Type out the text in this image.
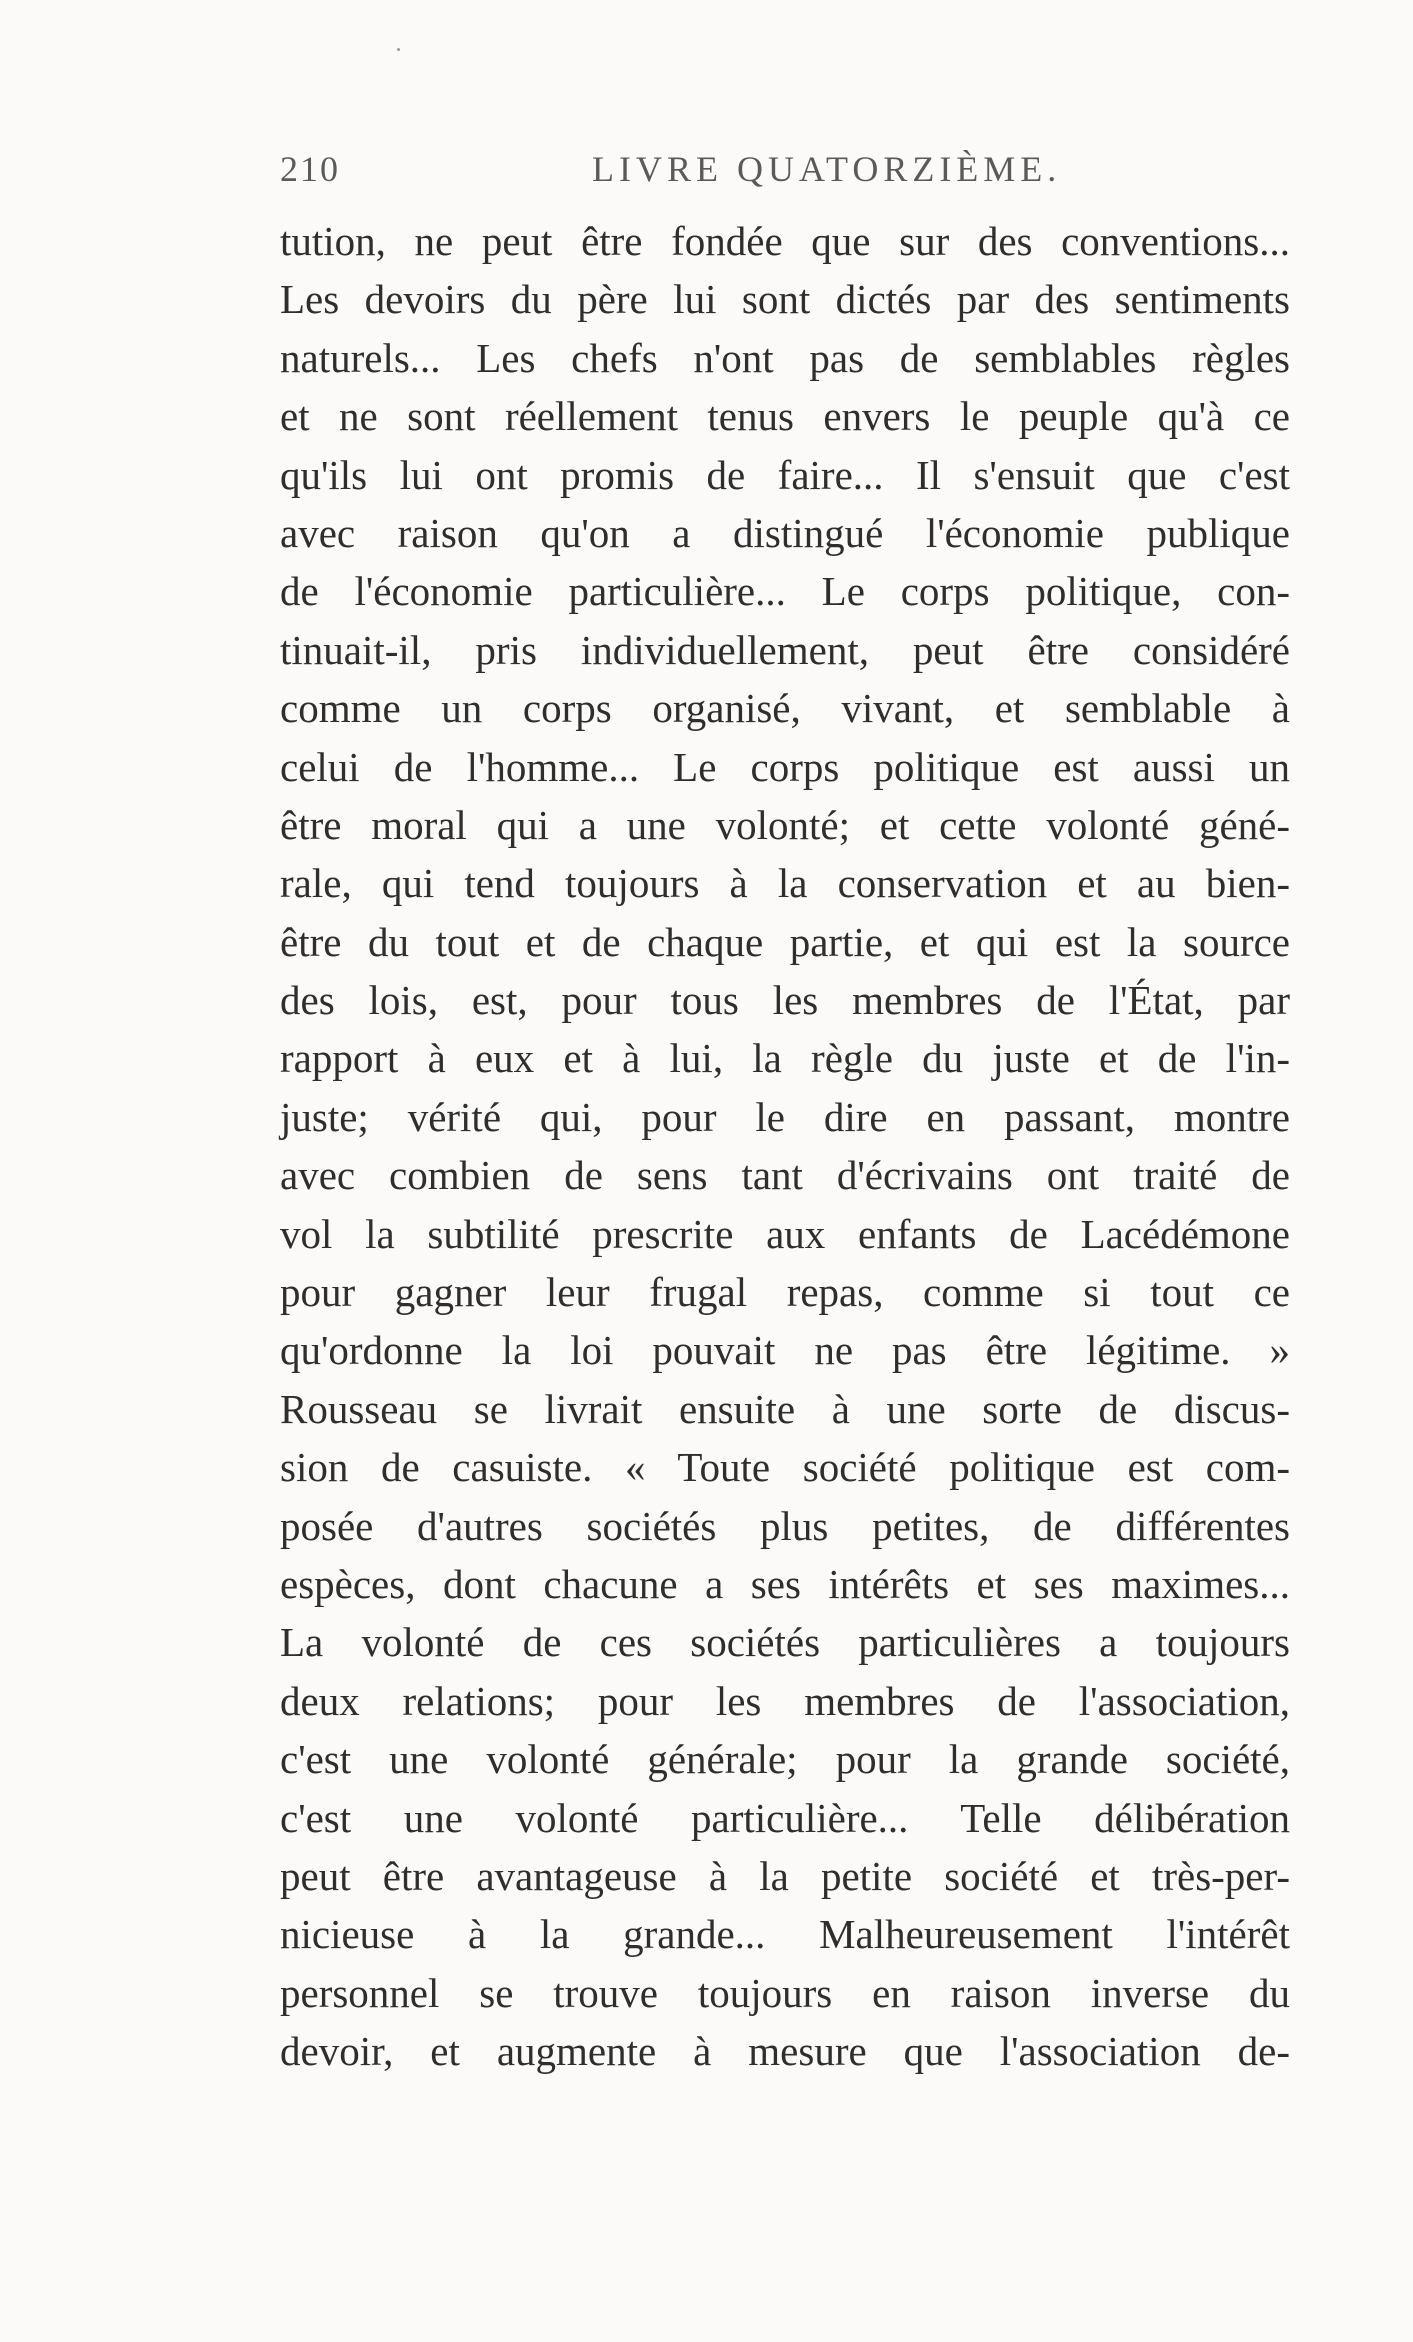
210	LIVRE QUATORZIÈME.
tution, ne peut être fondée que sur des conventions...
Les devoirs du père lui sont dictés par des sentiments
naturels... Les chefs n'ont pas de semblables règles
et ne sont réellement tenus envers le peuple qu'à ce
qu'ils lui ont promis de faire... Il s'ensuit que c'est
avec raison qu'on a distingué l'économie publique
de l'économie particulière... Le corps politique, con-
tinuait-il, pris individuellement, peut être considéré
comme un corps organisé, vivant, et semblable à
celui de l'homme... Le corps politique est aussi un
être moral qui a une volonté; et cette volonté géné-
rale, qui tend toujours à la conservation et au bien-
être du tout et de chaque partie, et qui est la source
des lois, est, pour tous les membres de l'État, par
rapport à eux et à lui, la règle du juste et de l'in-
juste; vérité qui, pour le dire en passant, montre
avec combien de sens tant d'écrivains ont traité de
vol la subtilité prescrite aux enfants de Lacédémone
pour gagner leur frugal repas, comme si tout ce
qu'ordonne la loi pouvait ne pas être légitime. »
Rousseau se livrait ensuite à une sorte de discus-
sion de casuiste. « Toute société politique est com-
posée d'autres sociétés plus petites, de différentes
espèces, dont chacune a ses intérêts et ses maximes...
La volonté de ces sociétés particulières a toujours
deux relations; pour les membres de l'association,
c'est une volonté générale; pour la grande société,
c'est une volonté particulière... Telle délibération
peut être avantageuse à la petite société et très-per-
nicieuse à la grande... Malheureusement l'intérêt
personnel se trouve toujours en raison inverse du
devoir, et augmente à mesure que l'association de-
